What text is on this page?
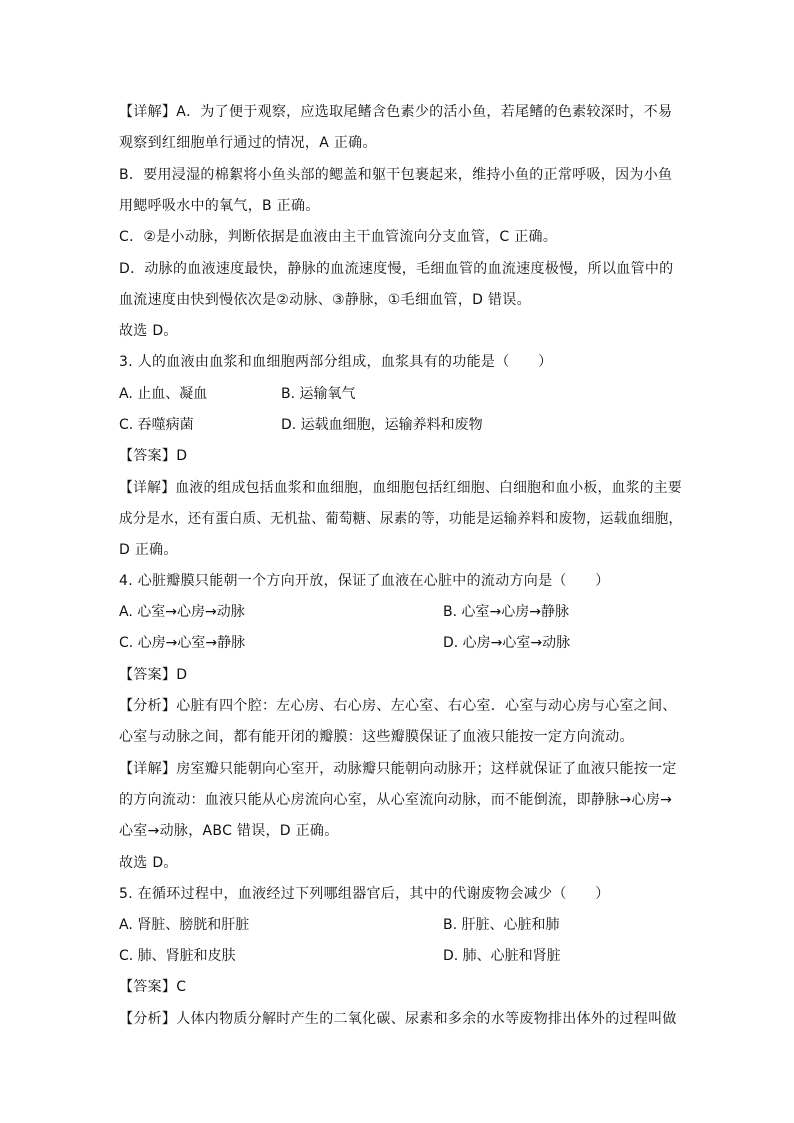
【详解】A．为了便于观察，应选取尾鳍含色素少的活小鱼，若尾鳍的色素较深时，不易

观察到红细胞单行通过的情况，A 正确。

B．要用浸湿的棉絮将小鱼头部的鳃盖和躯干包裹起来，维持小鱼的正常呼吸，因为小鱼

用鳃呼吸水中的氧气，B 正确。

C．②是小动脉，判断依据是血液由主干血管流向分支血管，C 正确。

D．动脉的血液速度最快，静脉的血流速度慢，毛细血管的血流速度极慢，所以血管中的

血流速度由快到慢依次是②动脉、③静脉，①毛细血管，D 错误。

故选 D。

3. 人的血液由血浆和血细胞两部分组成，血浆具有的功能是（　　）

A. 止血、凝血	B. 运输氧气

C. 吞噬病菌	D. 运载血细胞，运输养料和废物

【答案】D

【详解】血液的组成包括血浆和血细胞，血细胞包括红细胞、白细胞和血小板，血浆的主要

成分是水，还有蛋白质、无机盐、葡萄糖、尿素的等，功能是运输养料和废物，运载血细胞，

D 正确。

4. 心脏瓣膜只能朝一个方向开放，保证了血液在心脏中的流动方向是（　　）

A. 心室→心房→动脉	B. 心室→心房→静脉

C. 心房→心室→静脉	D. 心房→心室→动脉

【答案】D

【分析】心脏有四个腔：左心房、右心房、左心室、右心室．心室与动心房与心室之间、

心室与动脉之间，都有能开闭的瓣膜：这些瓣膜保证了血液只能按一定方向流动。

【详解】房室瓣只能朝向心室开，动脉瓣只能朝向动脉开；这样就保证了血液只能按一定

的方向流动：血液只能从心房流向心室，从心室流向动脉，而不能倒流，即静脉→心房→

心室→动脉，ABC 错误，D 正确。

故选 D。

5. 在循环过程中，血液经过下列哪组器官后，其中的代谢废物会减少（　　）

A. 肾脏、膀胱和肝脏	B. 肝脏、心脏和肺

C. 肺、肾脏和皮肤	D. 肺、心脏和肾脏

【答案】C

【分析】人体内物质分解时产生的二氧化碳、尿素和多余的水等废物排出体外的过程叫做
